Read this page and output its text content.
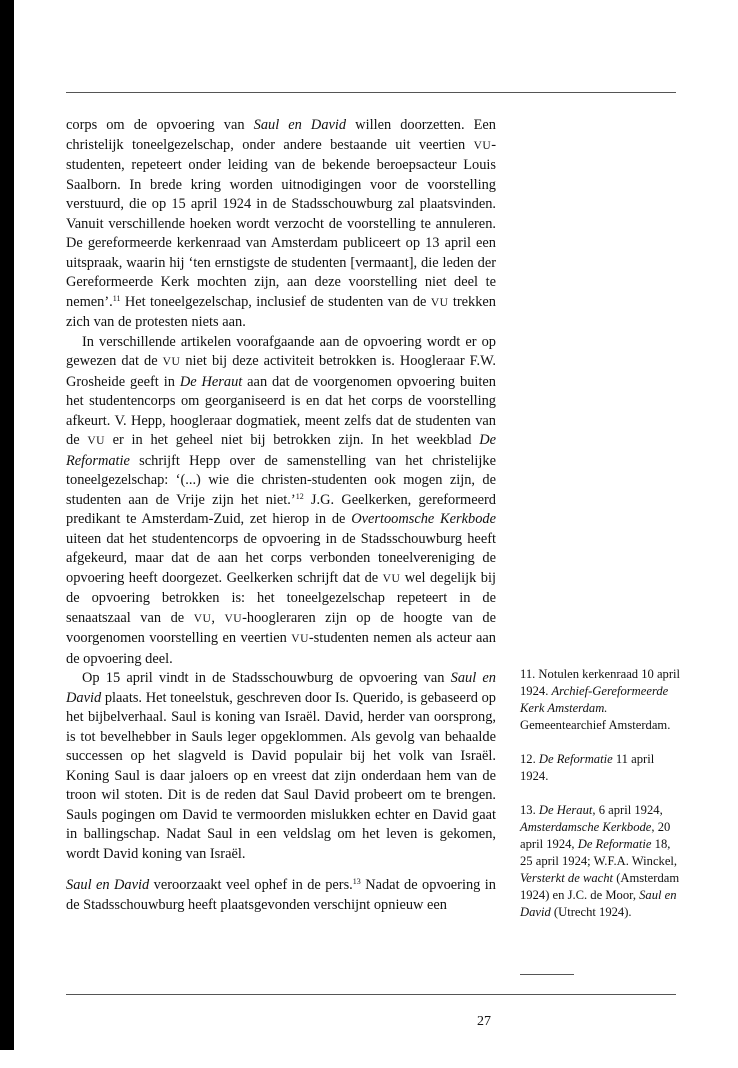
corps om de opvoering van Saul en David willen doorzetten. Een christelijk toneelgezelschap, onder andere bestaande uit veertien VU-studenten, repeteert onder leiding van de bekende beroepsacteur Louis Saalborn. In brede kring worden uitnodigingen voor de voorstelling verstuurd, die op 15 april 1924 in de Stadsschouwburg zal plaatsvinden. Vanuit verschillende hoeken wordt verzocht de voorstelling te annuleren. De gereformeerde kerkenraad van Amsterdam publiceert op 13 april een uitspraak, waarin hij ‘ten ernstigste de studenten [vermaant], die leden der Gereformeerde Kerk mochten zijn, aan deze voorstelling niet deel te nemen’.$^{11}$ Het toneelgezelschap, inclusief de studenten van de VU trekken zich van de protesten niets aan.

In verschillende artikelen voorafgaande aan de opvoering wordt er op gewezen dat de VU niet bij deze activiteit betrokken is. Hoogleraar F.W. Grosheide geeft in De Heraut aan dat de voorgenomen opvoering buiten het studentencorps om georganiseerd is en dat het corps de voorstelling afkeurt. V. Hepp, hoogleraar dogmatiek, meent zelfs dat de studenten van de VU er in het geheel niet bij betrokken zijn. In het weekblad De Reformatie schrijft Hepp over de samenstelling van het christelijke toneelgezelschap: ‘(...) wie die christen-studenten ook mogen zijn, de studenten aan de Vrije zijn het niet.’$^{12}$ J.G. Geelkerken, gereformeerd predikant te Amsterdam-Zuid, zet hierop in de Overtoomsche Kerkbode uiteen dat het studentencorps de opvoering in de Stadsschouwburg heeft afgekeurd, maar dat de aan het corps verbonden toneelvereniging de opvoering heeft doorgezet. Geelkerken schrijft dat de VU wel degelijk bij de opvoering betrokken is: het toneelgezelschap repeteert in de senaatszaal van de VU, VU-hoogleraren zijn op de hoogte van de voorgenomen voorstelling en veertien VU-studenten nemen als acteur aan de opvoering deel.

Op 15 april vindt in de Stadsschouwburg de opvoering van Saul en David plaats. Het toneelstuk, geschreven door Is. Querido, is gebaseerd op het bijbelverhaal. Saul is koning van Israël. David, herder van oorsprong, is tot bevelhebber in Sauls leger opgeklommen. Als gevolg van behaalde successen op het slagveld is David populair bij het volk van Israël. Koning Saul is daar jaloers op en vreest dat zijn onderdaan hem van de troon wil stoten. Dit is de reden dat Saul David probeert om te brengen. Sauls pogingen om David te vermoorden mislukken echter en David gaat in ballingschap. Nadat Saul in een veldslag om het leven is gekomen, wordt David koning van Israël.

Saul en David veroorzaakt veel ophef in de pers.$^{13}$ Nadat de opvoering in de Stadsschouwburg heeft plaatsgevonden verschijnt opnieuw een

11. Notulen kerkenraad 10 april 1924. Archief-Gereformeerde Kerk Amsterdam. Gemeentearchief Amsterdam.

12. De Reformatie 11 april 1924.

13. De Heraut, 6 april 1924, Amsterdamsche Kerkbode, 20 april 1924, De Reformatie 18, 25 april 1924; W.F.A. Winckel, Versterkt de wacht (Amsterdam 1924) en J.C. de Moor, Saul en David (Utrecht 1924).

27
